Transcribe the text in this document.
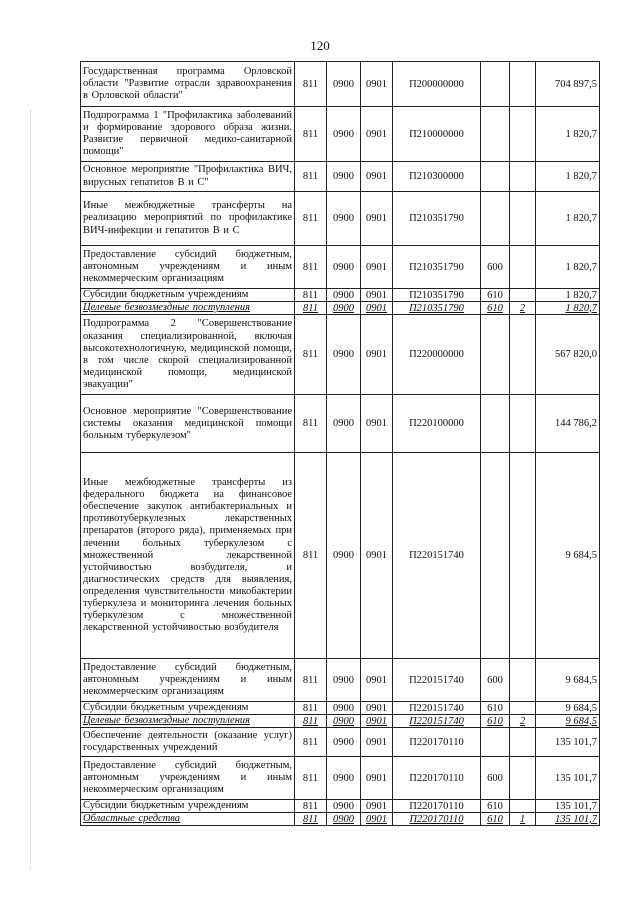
120
Государственная программа Орловской области "Развитие отрасли здравоохранения в Орловской области"	811	0900	0901	П200000000			704 897,5
Подпрограмма 1 "Профилактика заболеваний и формирование здорового образа жизни. Развитие первичной медико-санитарной помощи"	811	0900	0901	П210000000			1 820,7
Основное мероприятие "Профилактика ВИЧ, вирусных гепатитов В и С"	811	0900	0901	П210300000			1 820,7
Иные межбюджетные трансферты на реализацию мероприятий по профилактике ВИЧ-инфекции и гепатитов В и С	811	0900	0901	П210351790			1 820,7
Предоставление субсидий бюджетным, автономным учреждениям и иным некоммерческим организациям	811	0900	0901	П210351790	600		1 820,7
Субсидии бюджетным учреждениям	811	0900	0901	П210351790	610		1 820,7
Целевые безвозмездные поступления	811	0900	0901	П210351790	610	2	1 820,7
Подпрограмма 2 "Совершенствование оказания специализированной, включая высокотехнологичную, медицинской помощи, в том числе скорой специализированной медицинской помощи, медицинской эвакуации"	811	0900	0901	П220000000			567 820,0
Основное мероприятие "Совершенствование системы оказания медицинской помощи больным туберкулезом"	811	0900	0901	П220100000			144 786,2
Иные межбюджетные трансферты из федерального бюджета на финансовое обеспечение закупок антибактериальных и противотуберкулезных лекарственных препаратов (второго ряда), применяемых при лечении больных туберкулезом с множественной лекарственной устойчивостью возбудителя, и диагностических средств для выявления, определения чувствительности микобактерии туберкулеза и мониторинга лечения больных туберкулезом с множественной лекарственной устойчивостью возбудителя	811	0900	0901	П220151740			9 684,5
Предоставление субсидий бюджетным, автономным учреждениям и иным некоммерческим организациям	811	0900	0901	П220151740	600		9 684,5
Субсидии бюджетным учреждениям	811	0900	0901	П220151740	610		9 684,5
Целевые безвозмездные поступления	811	0900	0901	П220151740	610	2	9 684,5
Обеспечение деятельности (оказание услуг) государственных учреждений	811	0900	0901	П220170110			135 101,7
Предоставление субсидий бюджетным, автономным учреждениям и иным некоммерческим организациям	811	0900	0901	П220170110	600		135 101,7
Субсидии бюджетным учреждениям	811	0900	0901	П220170110	610		135 101,7
Областные средства	811	0900	0901	П220170110	610	1	135 101,7
